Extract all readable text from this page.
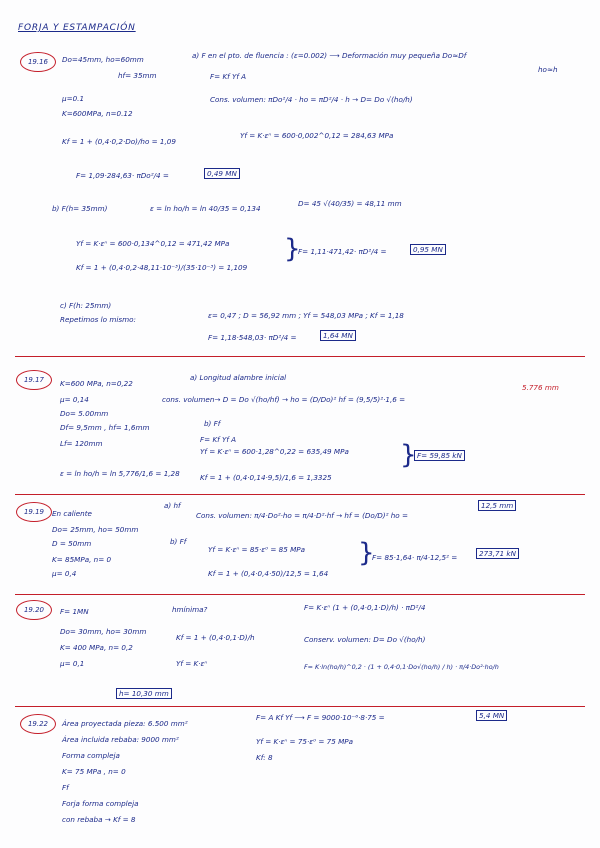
FORJA Y ESTAMPACIÓN
19.16	Do=45mm, ho=60mm
hf= 35mm
μ=0.1
K=600MPa, n=0.12
a) F en el pto. de fluencia : (ε=0.002) ⟶ Deformación muy pequeña Do≈Df
ho≈h
F= Kf Yf A
Cons. volumen: πDo²/4 · ho = πD²/4 · h → D= Do √(ho/h)
Kf = 1 + (0,4·0,2·Do)/ho = 1,09
Yf = K·εⁿ = 600·0,002^0,12 = 284,63 MPa
F= 1,09·284,63· πDo²/4 =	0,49 MN
b) F(h= 35mm)	ε = ln ho/h = ln 40/35 = 0,134
D= 45 √(40/35) = 48,11 mm
Yf = K·εⁿ = 600·0,134^0,12 = 471,42 MPa
Kf = 1 + (0,4·0,2·48,11·10⁻³)/(35·10⁻³) = 1,109
}
F= 1,11·471,42· πD²/4 =	0,95 MN
c) F(h: 25mm)
Repetimos lo mismo:	ε= 0,47 ; D = 56,92 mm ; Yf = 548,03 MPa ; Kf = 1,18
F= 1,18·548,03· πD²/4 =	1,64 MN
19.17	K=600 MPa, n=0,22
μ= 0,14
Do= 5.00mm
Df= 9,5mm , hf= 1,6mm
Lf= 120mm
a) Longitud alambre inicial
cons. volumen→ D = Do √(ho/hf) → ho = (D/Do)² hf = (9,5/5)²·1,6 =
5.776 mm
b) Ff
F= Kf Yf A
Yf = K·εⁿ = 600·1,28^0,22 = 635,49 MPa
ε = ln ho/h = ln 5,776/1,6 = 1,28	Kf = 1 + (0,4·0,14·9,5)/1,6 = 1,3325
} F= 59,85 kN
19.19	En caliente
Do= 25mm, ho= 50mm
D = 50mm
K= 85MPa, n= 0
μ= 0,4
a) hf
Cons. volumen: π/4·Do²·ho = π/4·D²·hf → hf = (Do/D)² ho =
12,5 mm
b) Ff
Yf = K·εⁿ = 85·ε⁰ = 85 MPa
Kf = 1 + (0,4·0,4·50)/12,5 = 1,64
}
F= 85·1,64· π/4·12,5² =	273,71 kN
19.20	F= 1MN
Do= 30mm, ho= 30mm
K= 400 MPa, n= 0,2
μ= 0,1
hmínima?
Kf = 1 + (0,4·0,1·D)/h
Yf = K·εⁿ
F= K·εⁿ (1 + (0,4·0,1·D)/h) · πD²/4
Conserv. volumen: D= Do √(ho/h)
F= K·ln(ho/h)^0,2 · (1 + 0,4·0,1·Do√(ho/h) / h) · π/4·Do²·ho/h
h= 10,30 mm
19.22	Área proyectada pieza: 6.500 mm²
Área incluida rebaba: 9000 mm²
Forma compleja
K= 75 MPa , n= 0
Ff
Forja forma compleja
con rebaba → Kf = 8
F= A Kf Yf ⟶ F = 9000·10⁻⁶·8·75 =	5,4 MN
Yf = K·εⁿ = 75·ε⁰ = 75 MPa
Kf: 8
